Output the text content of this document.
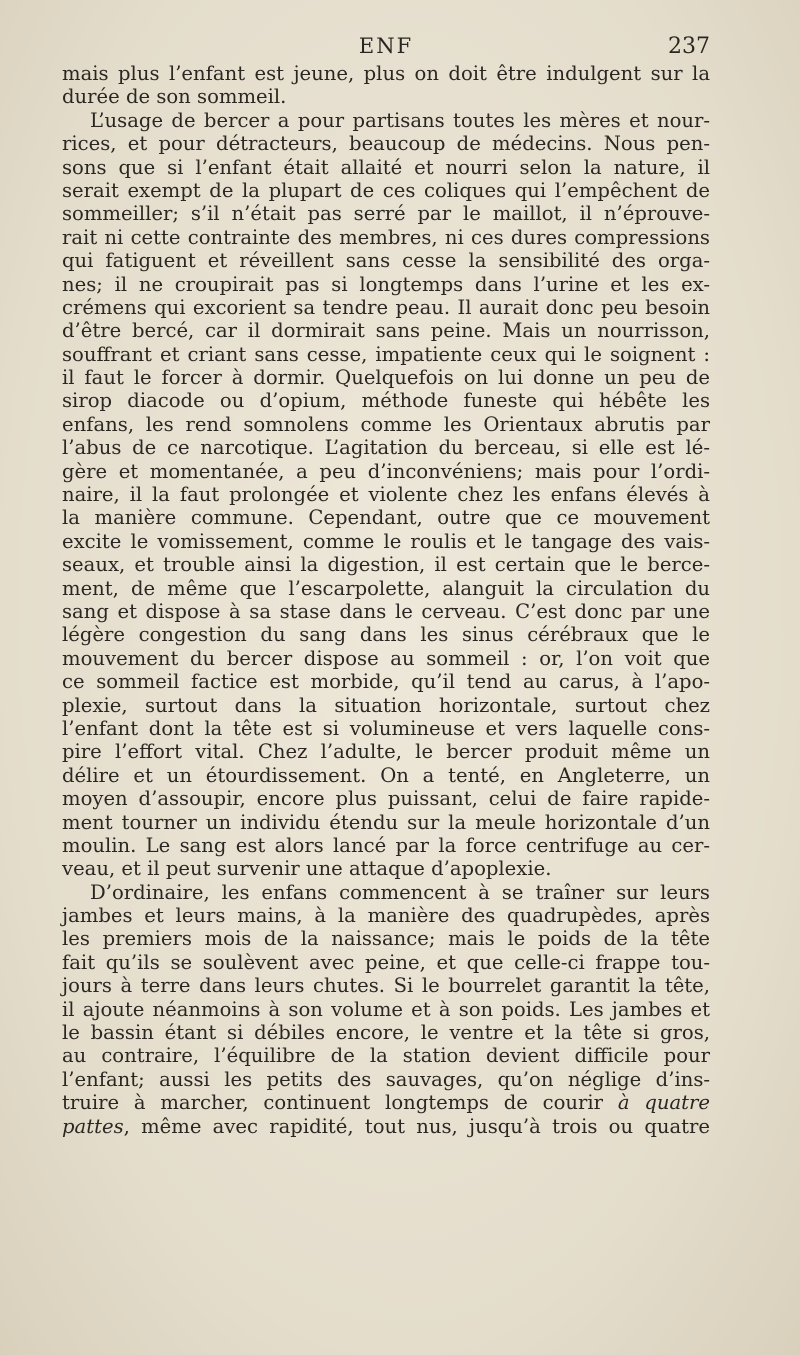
ENF	237
mais plus l’enfant est jeune, plus on doit être indulgent sur la
durée de son sommeil.
L’usage de bercer a pour partisans toutes les mères et nour-
rices, et pour détracteurs, beaucoup de médecins. Nous pen-
sons que si l’enfant était allaité et nourri selon la nature, il
serait exempt de la plupart de ces coliques qui l’empêchent de
sommeiller; s’il n’était pas serré par le maillot, il n’éprouve-
rait ni cette contrainte des membres, ni ces dures compressions
qui fatiguent et réveillent sans cesse la sensibilité des orga-
nes; il ne croupirait pas si longtemps dans l’urine et les ex-
crémens qui excorient sa tendre peau. Il aurait donc peu besoin
d’être bercé, car il dormirait sans peine. Mais un nourrisson,
souffrant et criant sans cesse, impatiente ceux qui le soignent :
il faut le forcer à dormir. Quelquefois on lui donne un peu de
sirop diacode ou d’opium, méthode funeste qui hébête les
enfans, les rend somnolens comme les Orientaux abrutis par
l’abus de ce narcotique. L’agitation du berceau, si elle est lé-
gère et momentanée, a peu d’inconvéniens; mais pour l’ordi-
naire, il la faut prolongée et violente chez les enfans élevés à
la manière commune. Cependant, outre que ce mouvement
excite le vomissement, comme le roulis et le tangage des vais-
seaux, et trouble ainsi la digestion, il est certain que le berce-
ment, de même que l’escarpolette, alanguit la circulation du
sang et dispose à sa stase dans le cerveau. C’est donc par une
légère congestion du sang dans les sinus cérébraux que le
mouvement du bercer dispose au sommeil : or, l’on voit que
ce sommeil factice est morbide, qu’il tend au carus, à l’apo-
plexie, surtout dans la situation horizontale, surtout chez
l’enfant dont la tête est si volumineuse et vers laquelle cons-
pire l’effort vital. Chez l’adulte, le bercer produit même un
délire et un étourdissement. On a tenté, en Angleterre, un
moyen d’assoupir, encore plus puissant, celui de faire rapide-
ment tourner un individu étendu sur la meule horizontale d’un
moulin. Le sang est alors lancé par la force centrifuge au cer-
veau, et il peut survenir une attaque d’apoplexie.
D’ordinaire, les enfans commencent à se traîner sur leurs
jambes et leurs mains, à la manière des quadrupèdes, après
les premiers mois de la naissance; mais le poids de la tête
fait qu’ils se soulèvent avec peine, et que celle-ci frappe tou-
jours à terre dans leurs chutes. Si le bourrelet garantit la tête,
il ajoute néanmoins à son volume et à son poids. Les jambes et
le bassin étant si débiles encore, le ventre et la tête si gros,
au contraire, l’équilibre de la station devient difficile pour
l’enfant; aussi les petits des sauvages, qu’on néglige d’ins-
truire à marcher, continuent longtemps de courir à quatre
pattes, même avec rapidité, tout nus, jusqu’à trois ou quatre
